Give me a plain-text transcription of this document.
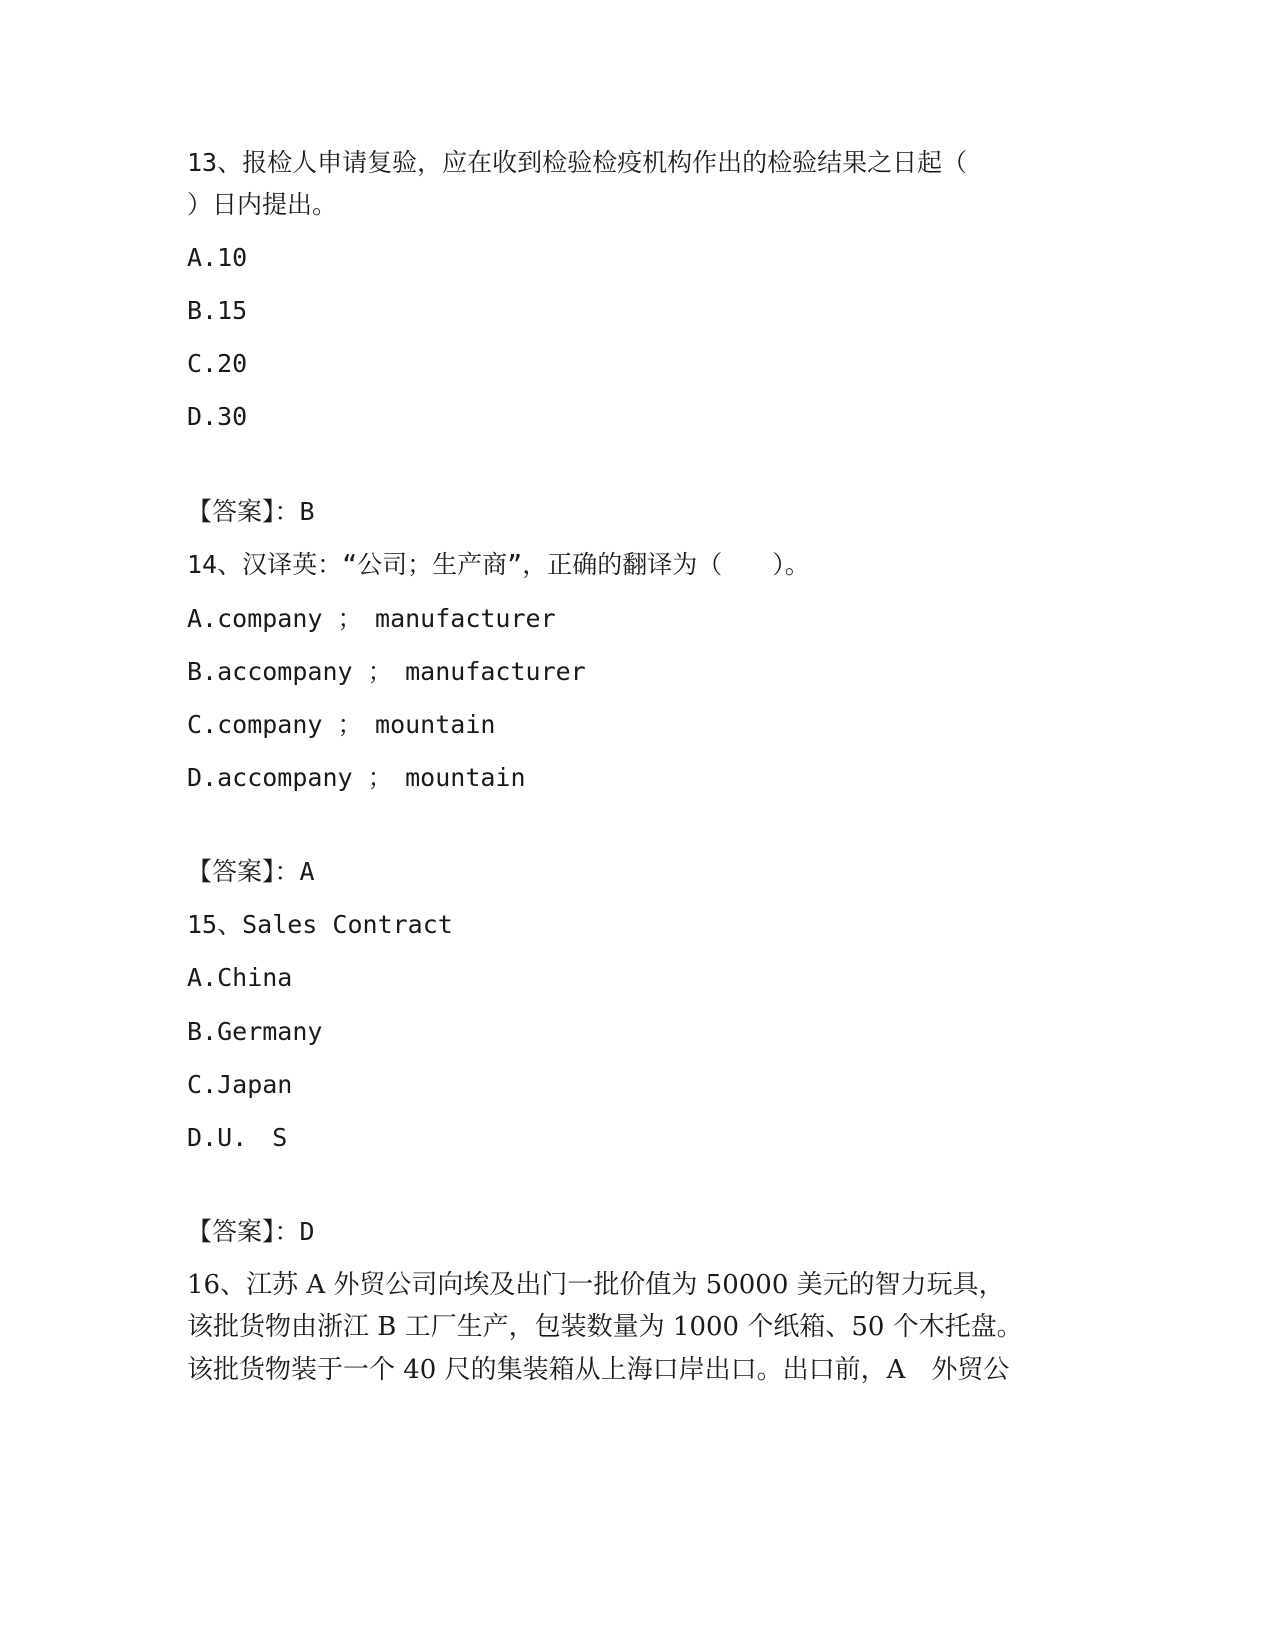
13、报检人申请复验，应在收到检验检疫机构作出的检验结果之日起（
）日内提出。
A.10
B.15
C.20
D.30
【答案】：B
14、汉译英：“公司；生产商”，正确的翻译为（　　）。
A.company ；　manufacturer
B.accompany ；　manufacturer
C.company ；　mountain
D.accompany ；　mountain
【答案】：A
15、Sales Contract
A.China
B.Germany
C.Japan
D.U.　S
【答案】：D
16、江苏 A 外贸公司向埃及出门一批价值为 50000 美元的智力玩具，
该批货物由浙江 B 工厂生产，包装数量为 1000 个纸箱、50 个木托盘。
该批货物装于一个 40 尺的集装箱从上海口岸出口。出口前，A　外贸公
